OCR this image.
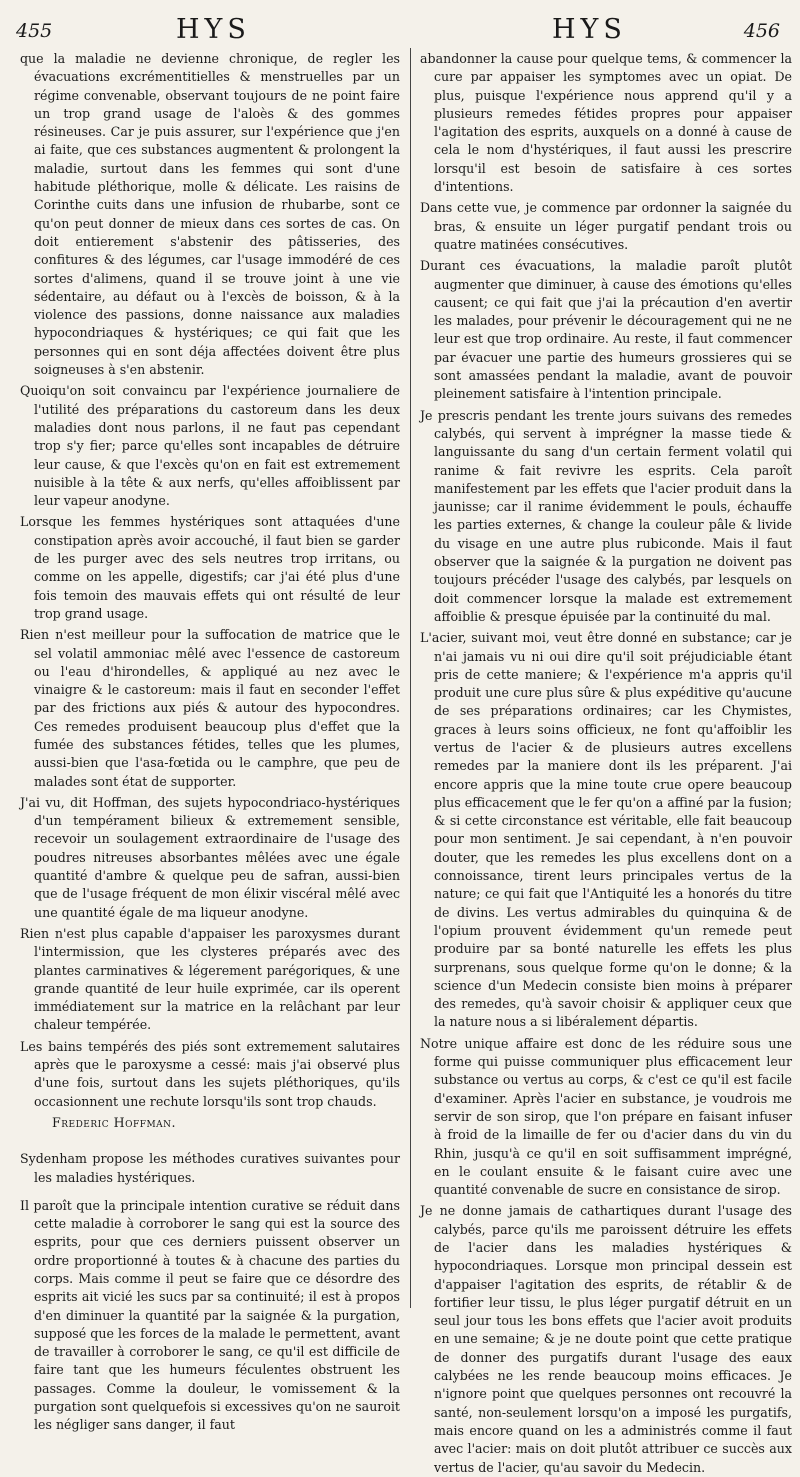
455	HYS	HYS	456

que la maladie ne devienne chronique, de regler les évacuations excrémentitielles & menstruelles par un régime convenable, observant toujours de ne point faire un trop grand usage de l'aloès & des gommes résineuses. Car je puis assurer, sur l'expérience que j'en ai faite, que ces substances augmentent & prolongent la maladie, surtout dans les femmes qui sont d'une habitude pléthorique, molle & délicate. Les raisins de Corinthe cuits dans une infusion de rhubarbe, sont ce qu'on peut donner de mieux dans ces sortes de cas. On doit entierement s'abstenir des pâtisseries, des confitures & des légumes, car l'usage immodéré de ces sortes d'alimens, quand il se trouve joint à une vie sédentaire, au défaut ou à l'excès de boisson, & à la violence des passions, donne naissance aux maladies hypocondriaques & hystériques; ce qui fait que les personnes qui en sont déja affectées doivent être plus soigneuses à s'en abstenir.

Quoiqu'on soit convaincu par l'expérience journaliere de l'utilité des préparations du castoreum dans les deux maladies dont nous parlons, il ne faut pas cependant trop s'y fier; parce qu'elles sont incapables de détruire leur cause, & que l'excès qu'on en fait est extremement nuisible à la tête & aux nerfs, qu'elles affoiblissent par leur vapeur anodyne.

Lorsque les femmes hystériques sont attaquées d'une constipation après avoir accouché, il faut bien se garder de les purger avec des sels neutres trop irritans, ou comme on les appelle, digestifs; car j'ai été plus d'une fois temoin des mauvais effets qui ont résulté de leur trop grand usage.

Rien n'est meilleur pour la suffocation de matrice que le sel volatil ammoniac mêlé avec l'essence de castoreum ou l'eau d'hirondelles, & appliqué au nez avec le vinaigre & le castoreum: mais il faut en seconder l'effet par des frictions aux piés & autour des hypocondres. Ces remedes produisent beaucoup plus d'effet que la fumée des substances fétides, telles que les plumes, aussi-bien que l'asa-fœtida ou le camphre, que peu de malades sont état de supporter.

J'ai vu, dit Hoffman, des sujets hypocondriaco-hystériques d'un tempérament bilieux & extremement sensible, recevoir un soulagement extraordinaire de l'usage des poudres nitreuses absorbantes mêlées avec une égale quantité d'ambre & quelque peu de safran, aussi-bien que de l'usage fréquent de mon élixir viscéral mêlé avec une quantité égale de ma liqueur anodyne.

Rien n'est plus capable d'appaiser les paroxysmes durant l'intermission, que les clysteres préparés avec des plantes carminatives & légerement parégoriques, & une grande quantité de leur huile exprimée, car ils operent immédiatement sur la matrice en la relâchant par leur chaleur tempérée.

Les bains tempérés des piés sont extremement salutaires après que le paroxysme a cessé: mais j'ai observé plus d'une fois, surtout dans les sujets pléthoriques, qu'ils occasionnent une rechute lorsqu'ils sont trop chauds.

Frederic Hoffman.

Sydenham propose les méthodes curatives suivantes pour les maladies hystériques.

Il paroît que la principale intention curative se réduit dans cette maladie à corroborer le sang qui est la source des esprits, pour que ces derniers puissent observer un ordre proportionné à toutes & à chacune des parties du corps. Mais comme il peut se faire que ce désordre des esprits ait vicié les sucs par sa continuité; il est à propos d'en diminuer la quantité par la saignée & la purgation, supposé que les forces de la malade le permettent, avant de travailler à corroborer le sang, ce qu'il est difficile de faire tant que les humeurs féculentes obstruent les passages. Comme la douleur, le vomissement & la purgation sont quelquefois si excessives qu'on ne sauroit les négliger sans danger, il faut

abandonner la cause pour quelque tems, & commencer la cure par appaiser les symptomes avec un opiat. De plus, puisque l'expérience nous apprend qu'il y a plusieurs remedes fétides propres pour appaiser l'agitation des esprits, auxquels on a donné à cause de cela le nom d'hystériques, il faut aussi les prescrire lorsqu'il est besoin de satisfaire à ces sortes d'intentions.

Dans cette vue, je commence par ordonner la saignée du bras, & ensuite un léger purgatif pendant trois ou quatre matinées consécutives.

Durant ces évacuations, la maladie paroît plutôt augmenter que diminuer, à cause des émotions qu'elles causent; ce qui fait que j'ai la précaution d'en avertir les malades, pour prévenir le découragement qui ne ne leur est que trop ordinaire. Au reste, il faut commencer par évacuer une partie des humeurs grossieres qui se sont amassées pendant la maladie, avant de pouvoir pleinement satisfaire à l'intention principale.

Je prescris pendant les trente jours suivans des remedes calybés, qui servent à imprégner la masse tiede & languissante du sang d'un certain ferment volatil qui ranime & fait revivre les esprits. Cela paroît manifestement par les effets que l'acier produit dans la jaunisse; car il ranime évidemment le pouls, échauffe les parties externes, & change la couleur pâle & livide du visage en une autre plus rubiconde. Mais il faut observer que la saignée & la purgation ne doivent pas toujours précéder l'usage des calybés, par lesquels on doit commencer lorsque la malade est extremement affoiblie & presque épuisée par la continuité du mal.

L'acier, suivant moi, veut être donné en substance; car je n'ai jamais vu ni oui dire qu'il soit préjudiciable étant pris de cette maniere; & l'expérience m'a appris qu'il produit une cure plus sûre & plus expéditive qu'aucune de ses préparations ordinaires; car les Chymistes, graces à leurs soins officieux, ne font qu'affoiblir les vertus de l'acier & de plusieurs autres excellens remedes par la maniere dont ils les préparent. J'ai encore appris que la mine toute crue opere beaucoup plus efficacement que le fer qu'on a affiné par la fusion; & si cette circonstance est véritable, elle fait beaucoup pour mon sentiment. Je sai cependant, à n'en pouvoir douter, que les remedes les plus excellens dont on a connoissance, tirent leurs principales vertus de la nature; ce qui fait que l'Antiquité les a honorés du titre de divins. Les vertus admirables du quinquina & de l'opium prouvent évidemment qu'un remede peut produire par sa bonté naturelle les effets les plus surprenans, sous quelque forme qu'on le donne; & la science d'un Medecin consiste bien moins à préparer des remedes, qu'à savoir choisir & appliquer ceux que la nature nous a si libéralement départis.

Notre unique affaire est donc de les réduire sous une forme qui puisse communiquer plus efficacement leur substance ou vertus au corps, & c'est ce qu'il est facile d'examiner. Après l'acier en substance, je voudrois me servir de son sirop, que l'on prépare en faisant infuser à froid de la limaille de fer ou d'acier dans du vin du Rhin, jusqu'à ce qu'il en soit suffisamment imprégné, en le coulant ensuite & le faisant cuire avec une quantité convenable de sucre en consistance de sirop.

Je ne donne jamais de cathartiques durant l'usage des calybés, parce qu'ils me paroissent détruire les effets de l'acier dans les maladies hystériques & hypocondriaques. Lorsque mon principal dessein est d'appaiser l'agitation des esprits, de rétablir & de fortifier leur tissu, le plus léger purgatif détruit en un seul jour tous les bons effets que l'acier avoit produits en une semaine; & je ne doute point que cette pratique de donner des purgatifs durant l'usage des eaux calybées ne les rende beaucoup moins efficaces. Je n'ignore point que quelques personnes ont recouvré la santé, non-seulement lorsqu'on a imposé les purgatifs, mais encore quand on les a administrés comme il faut avec l'acier: mais on doit plutôt attribuer ce succès aux vertus de l'acier, qu'au savoir du Medecin.
